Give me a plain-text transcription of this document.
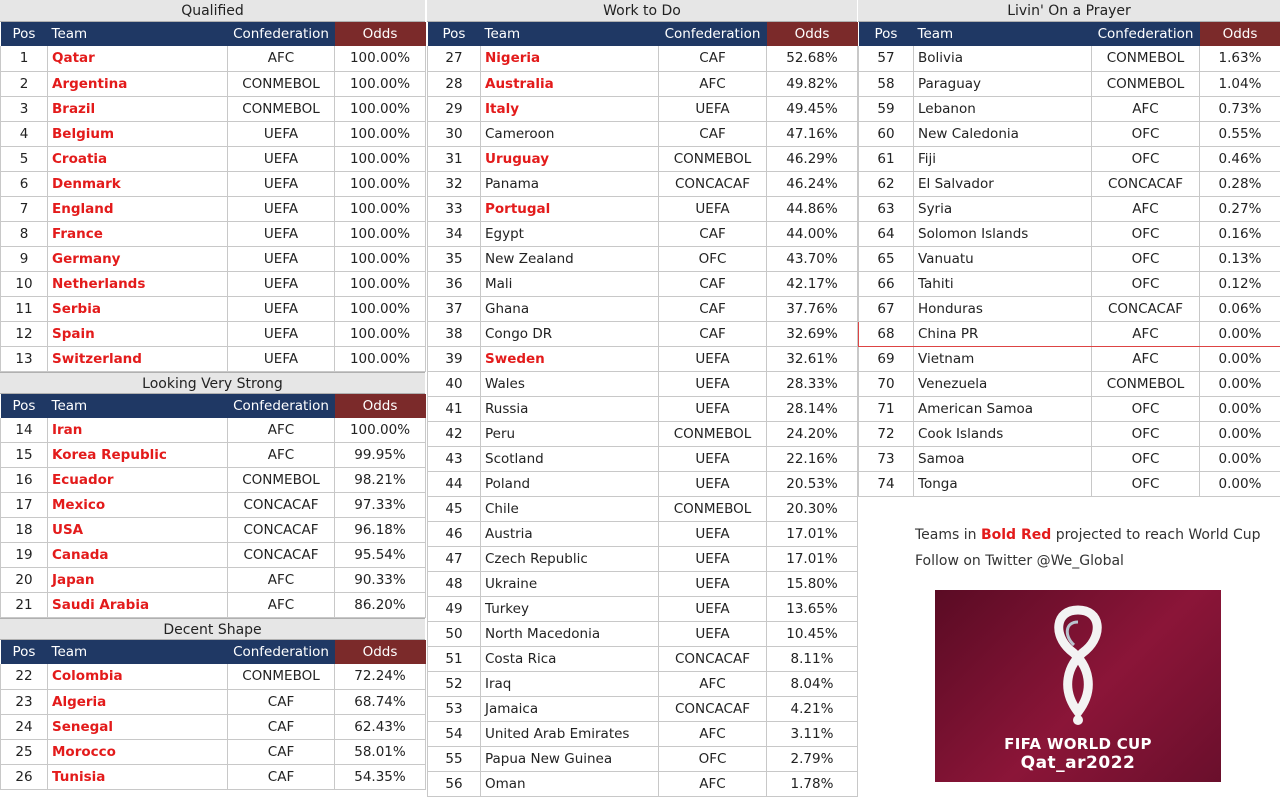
Qualified
Pos	Team	Confederation	Odds
1	Qatar	AFC	100.00%
2	Argentina	CONMEBOL	100.00%
3	Brazil	CONMEBOL	100.00%
4	Belgium	UEFA	100.00%
5	Croatia	UEFA	100.00%
6	Denmark	UEFA	100.00%
7	England	UEFA	100.00%
8	France	UEFA	100.00%
9	Germany	UEFA	100.00%
10	Netherlands	UEFA	100.00%
11	Serbia	UEFA	100.00%
12	Spain	UEFA	100.00%
13	Switzerland	UEFA	100.00%
Looking Very Strong
Pos	Team	Confederation	Odds
14	Iran	AFC	100.00%
15	Korea Republic	AFC	99.95%
16	Ecuador	CONMEBOL	98.21%
17	Mexico	CONCACAF	97.33%
18	USA	CONCACAF	96.18%
19	Canada	CONCACAF	95.54%
20	Japan	AFC	90.33%
21	Saudi Arabia	AFC	86.20%
Decent Shape
Pos	Team	Confederation	Odds
22	Colombia	CONMEBOL	72.24%
23	Algeria	CAF	68.74%
24	Senegal	CAF	62.43%
25	Morocco	CAF	58.01%
26	Tunisia	CAF	54.35%
Work to Do
Pos	Team	Confederation	Odds
27	Nigeria	CAF	52.68%
28	Australia	AFC	49.82%
29	Italy	UEFA	49.45%
30	Cameroon	CAF	47.16%
31	Uruguay	CONMEBOL	46.29%
32	Panama	CONCACAF	46.24%
33	Portugal	UEFA	44.86%
34	Egypt	CAF	44.00%
35	New Zealand	OFC	43.70%
36	Mali	CAF	42.17%
37	Ghana	CAF	37.76%
38	Congo DR	CAF	32.69%
39	Sweden	UEFA	32.61%
40	Wales	UEFA	28.33%
41	Russia	UEFA	28.14%
42	Peru	CONMEBOL	24.20%
43	Scotland	UEFA	22.16%
44	Poland	UEFA	20.53%
45	Chile	CONMEBOL	20.30%
46	Austria	UEFA	17.01%
47	Czech Republic	UEFA	17.01%
48	Ukraine	UEFA	15.80%
49	Turkey	UEFA	13.65%
50	North Macedonia	UEFA	10.45%
51	Costa Rica	CONCACAF	8.11%
52	Iraq	AFC	8.04%
53	Jamaica	CONCACAF	4.21%
54	United Arab Emirates	AFC	3.11%
55	Papua New Guinea	OFC	2.79%
56	Oman	AFC	1.78%
Livin' On a Prayer
Pos	Team	Confederation	Odds
57	Bolivia	CONMEBOL	1.63%
58	Paraguay	CONMEBOL	1.04%
59	Lebanon	AFC	0.73%
60	New Caledonia	OFC	0.55%
61	Fiji	OFC	0.46%
62	El Salvador	CONCACAF	0.28%
63	Syria	AFC	0.27%
64	Solomon Islands	OFC	0.16%
65	Vanuatu	OFC	0.13%
66	Tahiti	OFC	0.12%
67	Honduras	CONCACAF	0.06%
68	China PR	AFC	0.00%
69	Vietnam	AFC	0.00%
70	Venezuela	CONMEBOL	0.00%
71	American Samoa	OFC	0.00%
72	Cook Islands	OFC	0.00%
73	Samoa	OFC	0.00%
74	Tonga	OFC	0.00%
Teams in Bold Red projected to reach World Cup
Follow on Twitter @We_Global
FIFA WORLD CUP
Qat_ar2022
